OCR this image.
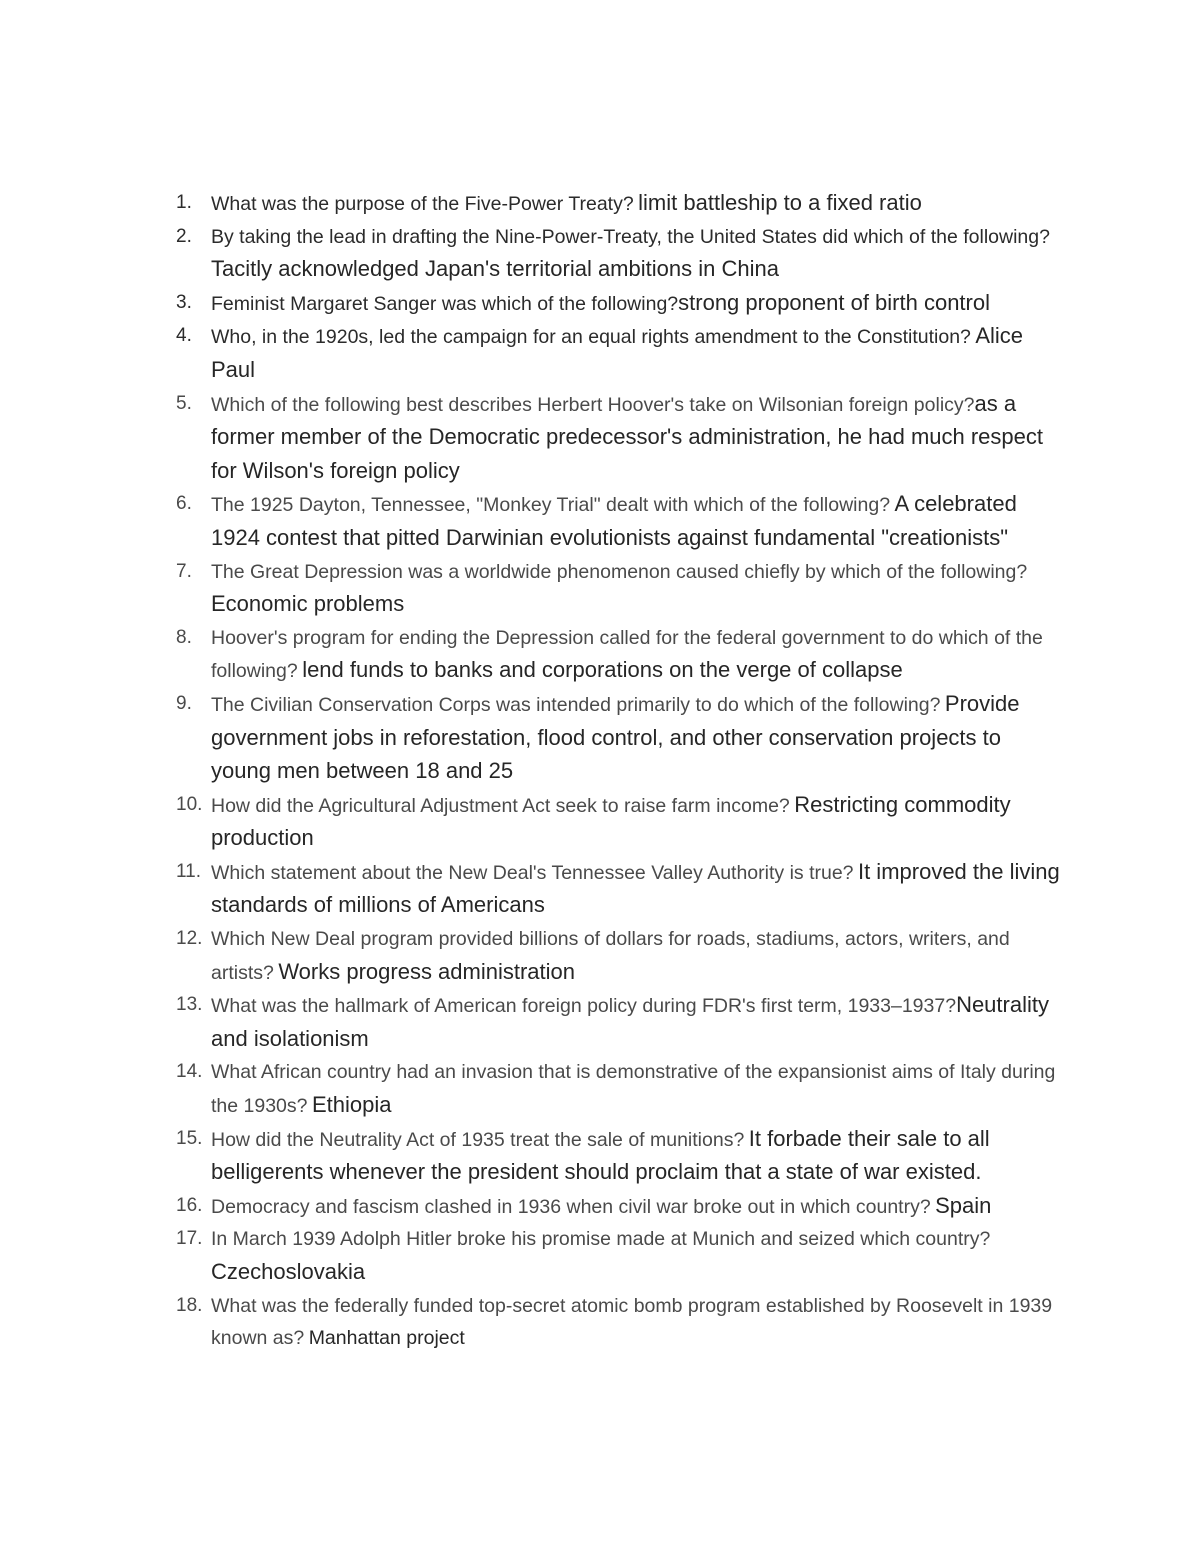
1. What was the purpose of the Five-Power Treaty? limit battleship to a fixed ratio
2. By taking the lead in drafting the Nine-Power-Treaty, the United States did which of the following? Tacitly acknowledged Japan's territorial ambitions in China
3. Feminist Margaret Sanger was which of the following?strong proponent of birth control
4. Who, in the 1920s, led the campaign for an equal rights amendment to the Constitution? Alice Paul
5. Which of the following best describes Herbert Hoover's take on Wilsonian foreign policy?as a former member of the Democratic predecessor's administration, he had much respect for Wilson's foreign policy
6. The 1925 Dayton, Tennessee, "Monkey Trial" dealt with which of the following? A celebrated 1924 contest that pitted Darwinian evolutionists against fundamental "creationists"
7. The Great Depression was a worldwide phenomenon caused chiefly by which of the following? Economic problems
8. Hoover's program for ending the Depression called for the federal government to do which of the following? lend funds to banks and corporations on the verge of collapse
9. The Civilian Conservation Corps was intended primarily to do which of the following? Provide government jobs in reforestation, flood control, and other conservation projects to young men between 18 and 25
10. How did the Agricultural Adjustment Act seek to raise farm income? Restricting commodity production
11. Which statement about the New Deal's Tennessee Valley Authority is true? It improved the living standards of millions of Americans
12. Which New Deal program provided billions of dollars for roads, stadiums, actors, writers, and artists? Works progress administration
13. What was the hallmark of American foreign policy during FDR's first term, 1933–1937?Neutrality and isolationism
14. What African country had an invasion that is demonstrative of the expansionist aims of Italy during the 1930s? Ethiopia
15. How did the Neutrality Act of 1935 treat the sale of munitions? It forbade their sale to all belligerents whenever the president should proclaim that a state of war existed.
16. Democracy and fascism clashed in 1936 when civil war broke out in which country? Spain
17. In March 1939 Adolph Hitler broke his promise made at Munich and seized which country? Czechoslovakia
18. What was the federally funded top-secret atomic bomb program established by Roosevelt in 1939 known as? Manhattan project
